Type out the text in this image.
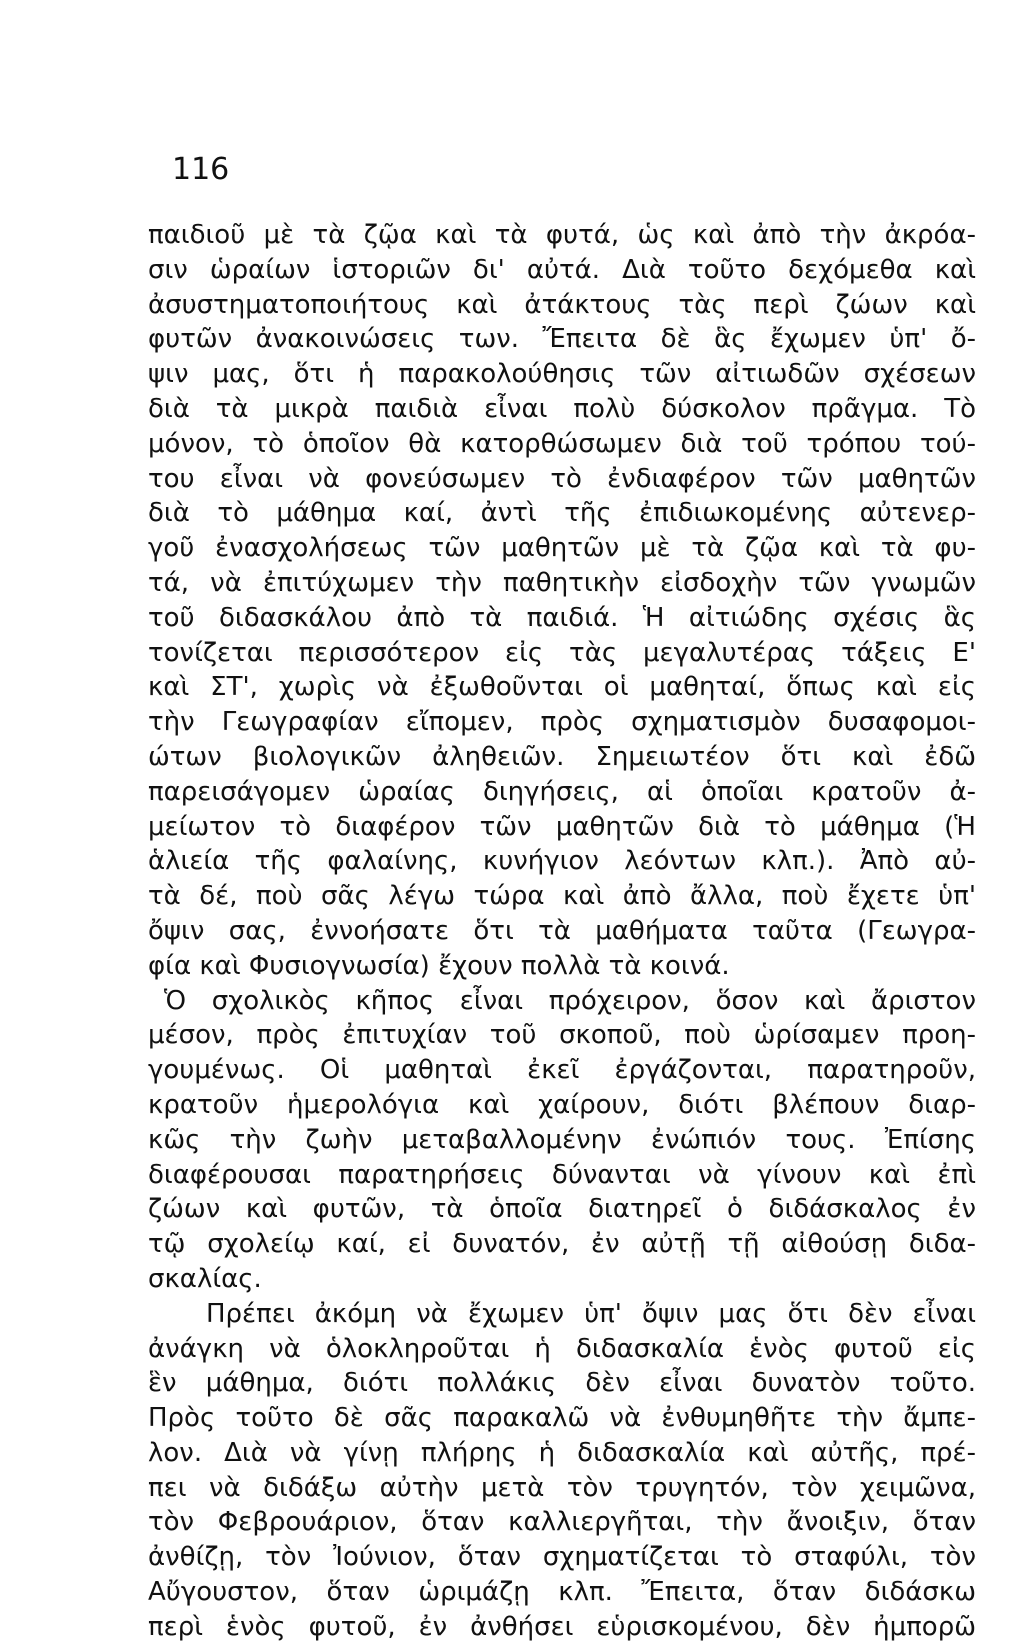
116
παιδιοῦ μὲ τὰ ζῷα καὶ τὰ φυτά, ὡς καὶ ἀπὸ τὴν ἀκρόα-
σιν ὡραίων ἱστοριῶν δι' αὐτά. Διὰ τοῦτο δεχόμεθα καὶ
ἀσυστηματοποιήτους καὶ ἀτάκτους τὰς περὶ ζώων καὶ
φυτῶν ἀνακοινώσεις των. Ἔπειτα δὲ ἃς ἔχωμεν ὑπ' ὄ-
ψιν μας, ὅτι ἡ παρακολούθησις τῶν αἰτιωδῶν σχέσεων
διὰ τὰ μικρὰ παιδιὰ εἶναι πολὺ δύσκολον πρᾶγμα. Τὸ
μόνον, τὸ ὁποῖον θὰ κατορθώσωμεν διὰ τοῦ τρόπου τού-
του εἶναι νὰ φονεύσωμεν τὸ ἐνδιαφέρον τῶν μαθητῶν
διὰ τὸ μάθημα καί, ἀντὶ τῆς ἐπιδιωκομένης αὐτενερ-
γοῦ ἐνασχολήσεως τῶν μαθητῶν μὲ τὰ ζῷα καὶ τὰ φυ-
τά, νὰ ἐπιτύχωμεν τὴν παθητικὴν εἰσδοχὴν τῶν γνωμῶν
τοῦ διδασκάλου ἀπὸ τὰ παιδιά. Ἡ αἰτιώδης σχέσις ἃς
τονίζεται περισσότερον εἰς τὰς μεγαλυτέρας τάξεις Ε'
καὶ ΣΤ', χωρὶς νὰ ἐξωθοῦνται οἱ μαθηταί, ὅπως καὶ εἰς
τὴν Γεωγραφίαν εἴπομεν, πρὸς σχηματισμὸν δυσαφομοι-
ώτων βιολογικῶν ἀληθειῶν. Σημειωτέον ὅτι καὶ ἐδῶ
παρεισάγομεν ὡραίας διηγήσεις, αἱ ὁποῖαι κρατοῦν ἀ-
μείωτον τὸ διαφέρον τῶν μαθητῶν διὰ τὸ μάθημα (Ἡ
ἁλιεία τῆς φαλαίνης, κυνήγιον λεόντων κλπ.). Ἀπὸ αὐ-
τὰ δέ, ποὺ σᾶς λέγω τώρα καὶ ἀπὸ ἄλλα, ποὺ ἔχετε ὑπ'
ὄψιν σας, ἐννοήσατε ὅτι τὰ μαθήματα ταῦτα (Γεωγρα-
φία καὶ Φυσιογνωσία) ἔχουν πολλὰ τὰ κοινά.
Ὁ σχολικὸς κῆπος εἶναι πρόχειρον, ὅσον καὶ ἄριστον
μέσον, πρὸς ἐπιτυχίαν τοῦ σκοποῦ, ποὺ ὡρίσαμεν προη-
γουμένως. Οἱ μαθηταὶ ἐκεῖ ἐργάζονται, παρατηροῦν,
κρατοῦν ἡμερολόγια καὶ χαίρουν, διότι βλέπουν διαρ-
κῶς τὴν ζωὴν μεταβαλλομένην ἐνώπιόν τους. Ἐπίσης
διαφέρουσαι παρατηρήσεις δύνανται νὰ γίνουν καὶ ἐπὶ
ζώων καὶ φυτῶν, τὰ ὁποῖα διατηρεῖ ὁ διδάσκαλος ἐν
τῷ σχολείῳ καί, εἰ δυνατόν, ἐν αὐτῇ τῇ αἰθούσῃ διδα-
σκαλίας.
Πρέπει ἀκόμη νὰ ἔχωμεν ὑπ' ὄψιν μας ὅτι δὲν εἶναι
ἀνάγκη νὰ ὁλοκληροῦται ἡ διδασκαλία ἑνὸς φυτοῦ εἰς
ἓν μάθημα, διότι πολλάκις δὲν εἶναι δυνατὸν τοῦτο.
Πρὸς τοῦτο δὲ σᾶς παρακαλῶ νὰ ἐνθυμηθῆτε τὴν ἄμπε-
λον. Διὰ νὰ γίνῃ πλήρης ἡ διδασκαλία καὶ αὐτῆς, πρέ-
πει νὰ διδάξω αὐτὴν μετὰ τὸν τρυγητόν, τὸν χειμῶνα,
τὸν Φεβρουάριον, ὅταν καλλιεργῆται, τὴν ἄνοιξιν, ὅταν
ἀνθίζῃ, τὸν Ἰούνιον, ὅταν σχηματίζεται τὸ σταφύλι, τὸν
Αὔγουστον, ὅταν ὡριμάζῃ κλπ. Ἔπειτα, ὅταν διδάσκω
περὶ ἑνὸς φυτοῦ, ἐν ἀνθήσει εὑρισκομένου, δὲν ἠμπορῶ
